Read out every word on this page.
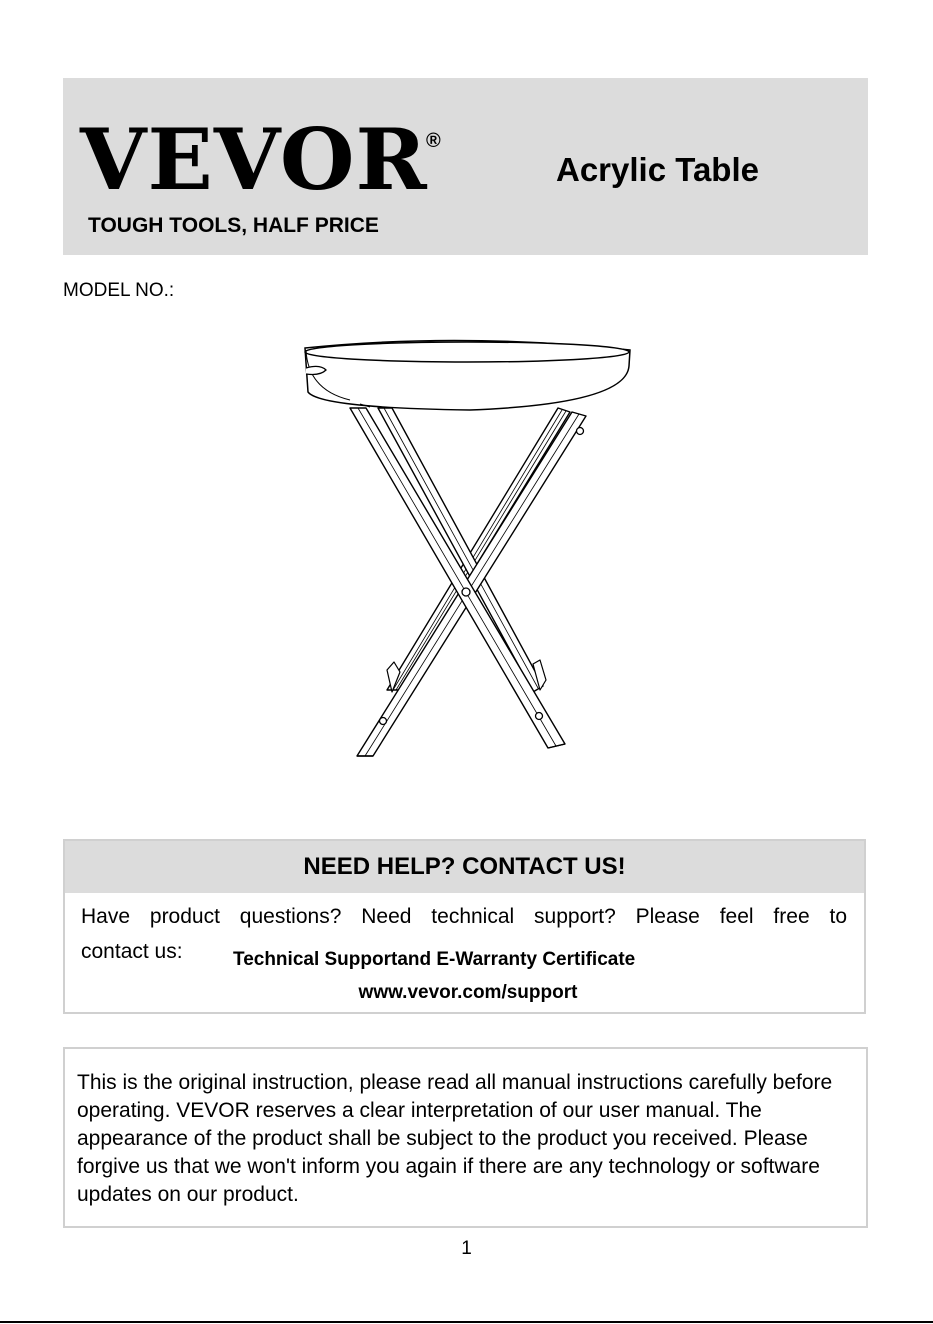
VEVOR
®
TOUGH TOOLS, HALF PRICE
Acrylic Table
MODEL NO.:
NEED HELP? CONTACT US!
Have product questions? Need technical support? Please feel free to
contact us:	Technical Supportand E-Warranty Certificate
www.vevor.com/support
This is the original instruction, please read all manual instructions carefully before operating. VEVOR reserves a clear interpretation of our user manual. The appearance of the product shall be subject to the product you received. Please forgive us that we won't inform you again if there are any technology or software updates on our product.
1
